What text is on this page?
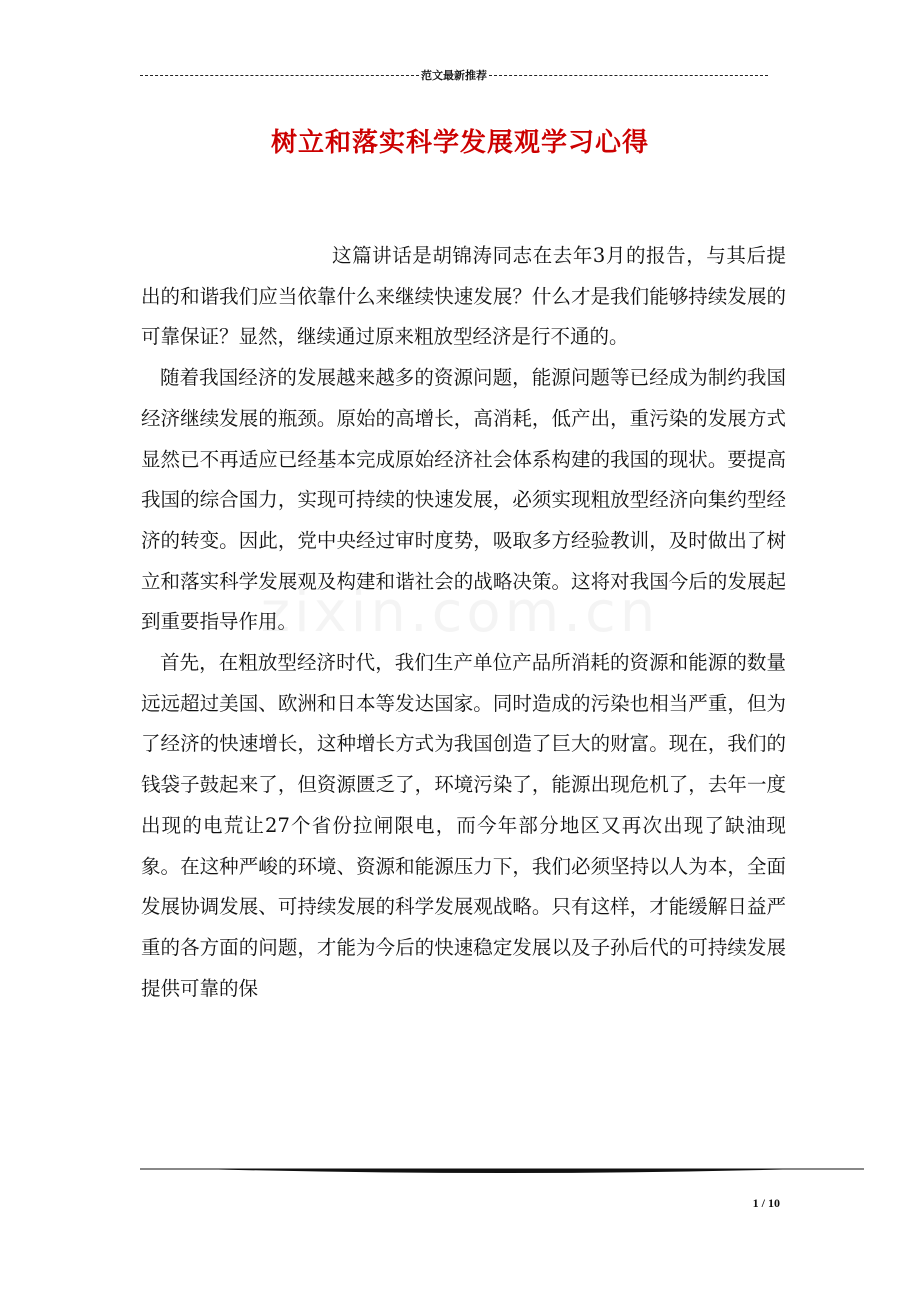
范文最新推荐
树立和落实科学发展观学习心得

这篇讲话是胡锦涛同志在去年3月的报告，与其后提出的和谐我们应当依靠什么来继续快速发展？什么才是我们能够持续发展的可靠保证？显然，继续通过原来粗放型经济是行不通的。

随着我国经济的发展越来越多的资源问题，能源问题等已经成为制约我国经济继续发展的瓶颈。原始的高增长，高消耗，低产出，重污染的发展方式显然已不再适应已经基本完成原始经济社会体系构建的我国的现状。要提高我国的综合国力，实现可持续的快速发展，必须实现粗放型经济向集约型经济的转变。因此，党中央经过审时度势，吸取多方经验教训，及时做出了树立和落实科学发展观及构建和谐社会的战略决策。这将对我国今后的发展起到重要指导作用。

首先，在粗放型经济时代，我们生产单位产品所消耗的资源和能源的数量远远超过美国、欧洲和日本等发达国家。同时造成的污染也相当严重，但为了经济的快速增长，这种增长方式为我国创造了巨大的财富。现在，我们的钱袋子鼓起来了，但资源匮乏了，环境污染了，能源出现危机了，去年一度出现的电荒让27个省份拉闸限电，而今年部分地区又再次出现了缺油现象。在这种严峻的环境、资源和能源压力下，我们必须坚持以人为本，全面发展协调发展、可持续发展的科学发展观战略。只有这样，才能缓解日益严重的各方面的问题，才能为今后的快速稳定发展以及子孙后代的可持续发展提供可靠的保

1 / 10
